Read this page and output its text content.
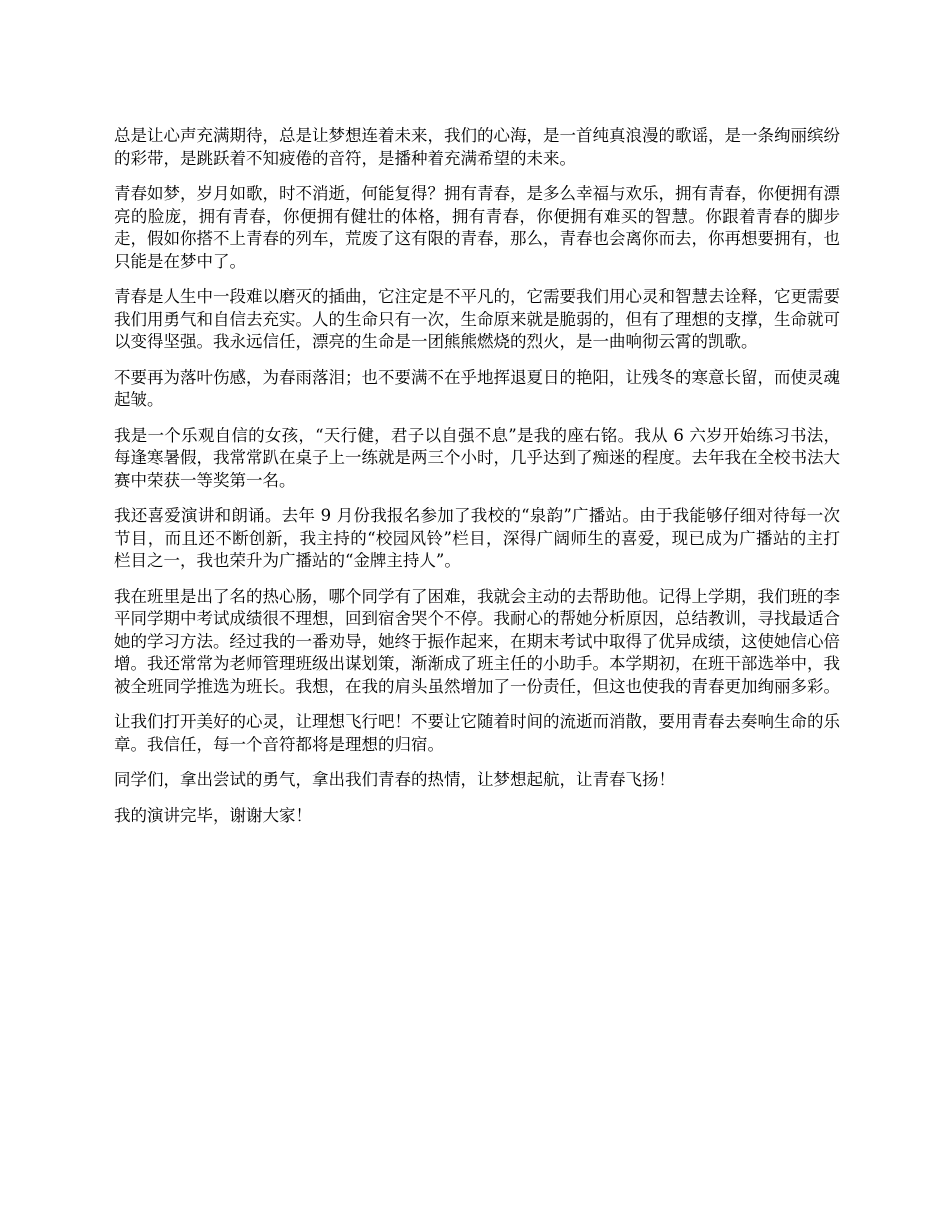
总是让心声充满期待，总是让梦想连着未来，我们的心海，是一首纯真浪漫的歌谣，是一条绚丽缤纷的彩带，是跳跃着不知疲倦的音符，是播种着充满希望的未来。

青春如梦，岁月如歌，时不消逝，何能复得？拥有青春，是多么幸福与欢乐，拥有青春，你便拥有漂亮的脸庞，拥有青春，你便拥有健壮的体格，拥有青春，你便拥有难买的智慧。你跟着青春的脚步走，假如你搭不上青春的列车，荒废了这有限的青春，那么，青春也会离你而去，你再想要拥有，也只能是在梦中了。

青春是人生中一段难以磨灭的插曲，它注定是不平凡的，它需要我们用心灵和智慧去诠释，它更需要我们用勇气和自信去充实。人的生命只有一次，生命原来就是脆弱的，但有了理想的支撑，生命就可以变得坚强。我永远信任，漂亮的生命是一团熊熊燃烧的烈火，是一曲响彻云霄的凯歌。

不要再为落叶伤感，为春雨落泪；也不要满不在乎地挥退夏日的艳阳，让残冬的寒意长留，而使灵魂起皱。

我是一个乐观自信的女孩，“天行健，君子以自强不息”是我的座右铭。我从 6 六岁开始练习书法，每逢寒暑假，我常常趴在桌子上一练就是两三个小时，几乎达到了痴迷的程度。去年我在全校书法大赛中荣获一等奖第一名。

我还喜爱演讲和朗诵。去年 9 月份我报名参加了我校的“泉韵”广播站。由于我能够仔细对待每一次节目，而且还不断创新，我主持的“校园风铃”栏目，深得广阔师生的喜爱，现已成为广播站的主打栏目之一，我也荣升为广播站的“金牌主持人”。

我在班里是出了名的热心肠，哪个同学有了困难，我就会主动的去帮助他。记得上学期，我们班的李平同学期中考试成绩很不理想，回到宿舍哭个不停。我耐心的帮她分析原因，总结教训，寻找最适合她的学习方法。经过我的一番劝导，她终于振作起来，在期末考试中取得了优异成绩，这使她信心倍增。我还常常为老师管理班级出谋划策，渐渐成了班主任的小助手。本学期初，在班干部选举中，我被全班同学推选为班长。我想，在我的肩头虽然增加了一份责任，但这也使我的青春更加绚丽多彩。

让我们打开美好的心灵，让理想飞行吧！不要让它随着时间的流逝而消散，要用青春去奏响生命的乐章。我信任，每一个音符都将是理想的归宿。

同学们，拿出尝试的勇气，拿出我们青春的热情，让梦想起航，让青春飞扬！

我的演讲完毕，谢谢大家！
